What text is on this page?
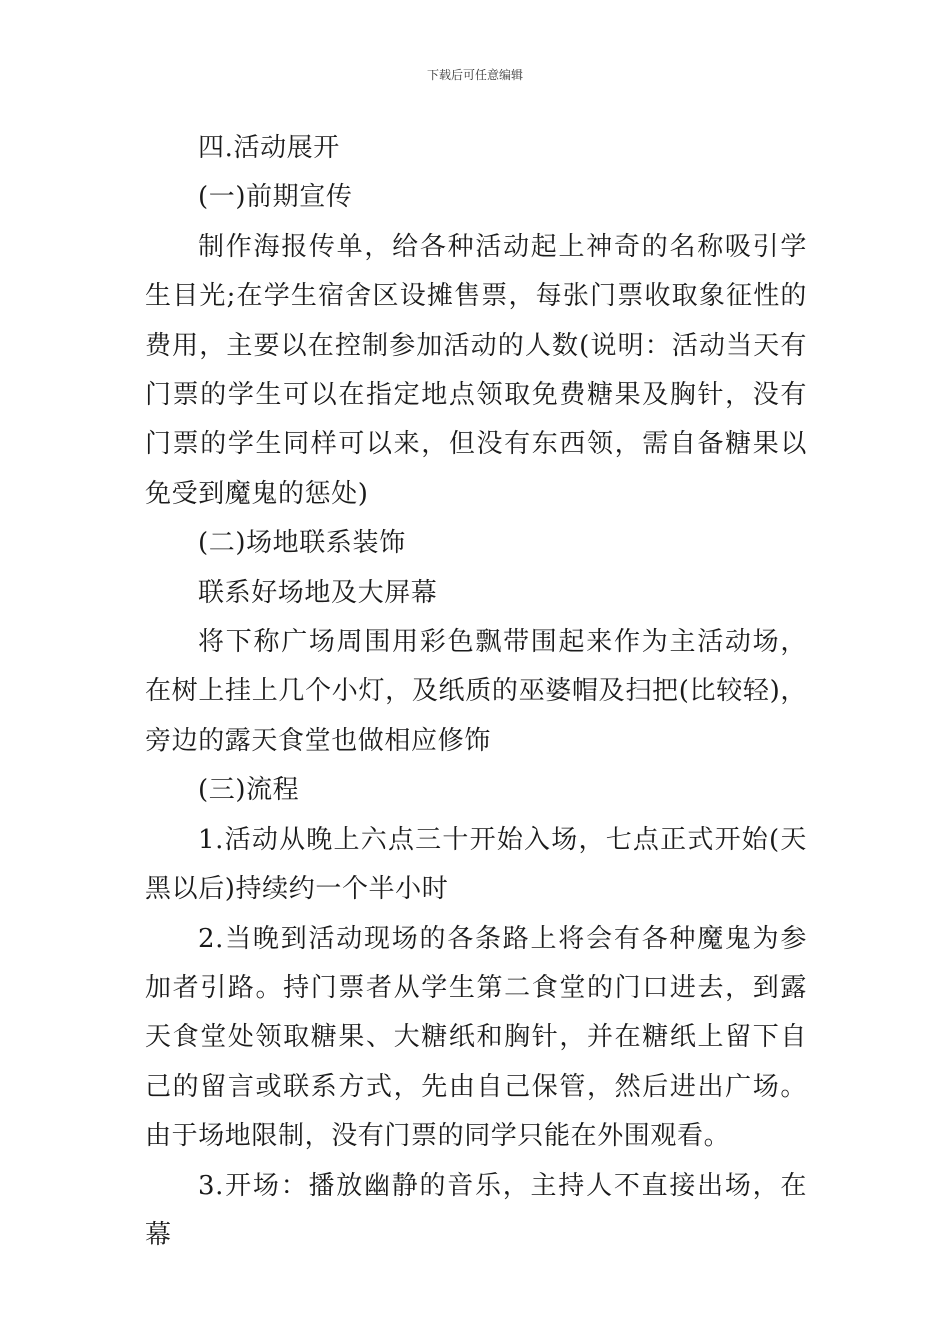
下载后可任意编辑

四.活动展开

(一)前期宣传

制作海报传单，给各种活动起上神奇的名称吸引学生目光;在学生宿舍区设摊售票，每张门票收取象征性的费用，主要以在控制参加活动的人数(说明：活动当天有门票的学生可以在指定地点领取免费糖果及胸针，没有门票的学生同样可以来，但没有东西领，需自备糖果以免受到魔鬼的惩处)

(二)场地联系装饰

联系好场地及大屏幕

将下称广场周围用彩色飘带围起来作为主活动场，在树上挂上几个小灯，及纸质的巫婆帽及扫把(比较轻)，旁边的露天食堂也做相应修饰

(三)流程

1.活动从晚上六点三十开始入场，七点正式开始(天黑以后)持续约一个半小时

2.当晚到活动现场的各条路上将会有各种魔鬼为参加者引路。持门票者从学生第二食堂的门口进去，到露天食堂处领取糖果、大糖纸和胸针，并在糖纸上留下自己的留言或联系方式，先由自己保管，然后进出广场。由于场地限制，没有门票的同学只能在外围观看。

3.开场：播放幽静的音乐，主持人不直接出场，在幕
